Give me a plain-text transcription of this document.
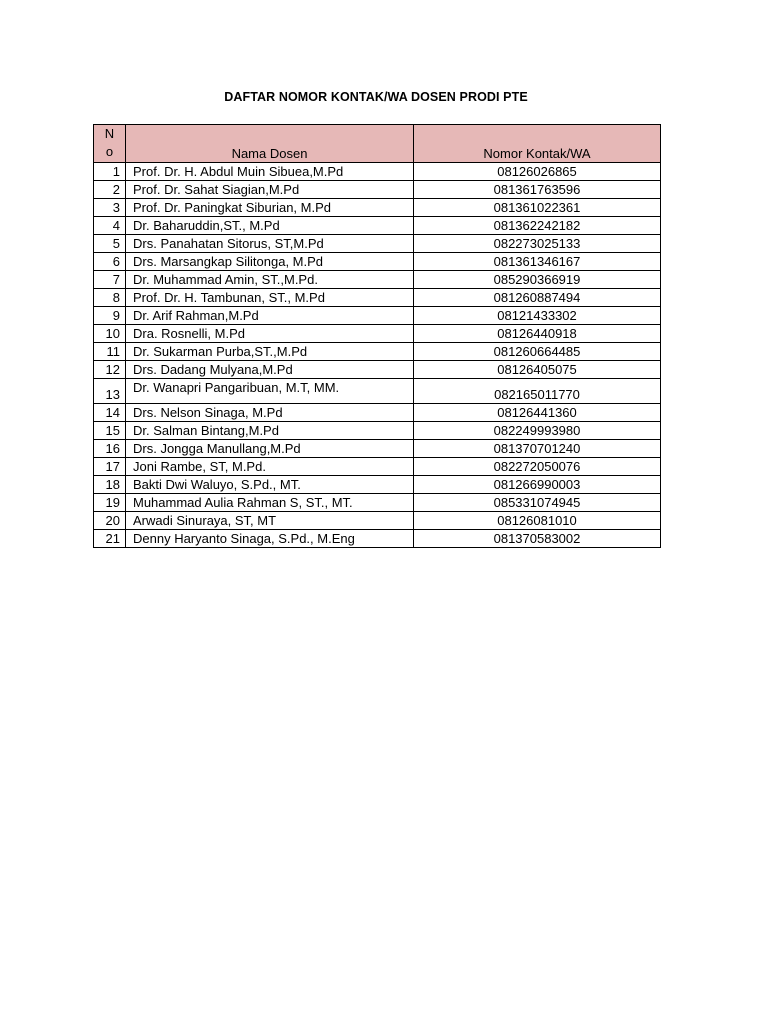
DAFTAR NOMOR KONTAK/WA DOSEN PRODI PTE
N
o	Nama Dosen	Nomor Kontak/WA
1	Prof. Dr. H. Abdul Muin Sibuea,M.Pd	08126026865
2	Prof. Dr. Sahat Siagian,M.Pd	081361763596
3	Prof. Dr. Paningkat Siburian, M.Pd	081361022361
4	Dr. Baharuddin,ST., M.Pd	081362242182
5	Drs. Panahatan Sitorus, ST,M.Pd	082273025133
6	Drs. Marsangkap Silitonga, M.Pd	081361346167
7	Dr. Muhammad Amin, ST.,M.Pd.	085290366919
8	Prof. Dr. H. Tambunan, ST., M.Pd	081260887494
9	Dr. Arif Rahman,M.Pd	08121433302
10	Dra. Rosnelli, M.Pd	08126440918
11	Dr. Sukarman Purba,ST.,M.Pd	081260664485
12	Drs. Dadang Mulyana,M.Pd	08126405075
13	Dr. Wanapri Pangaribuan, M.T, MM.	082165011770
14	Drs. Nelson Sinaga, M.Pd	08126441360
15	Dr. Salman Bintang,M.Pd	082249993980
16	Drs. Jongga Manullang,M.Pd	081370701240
17	Joni Rambe, ST, M.Pd.	082272050076
18	Bakti Dwi Waluyo, S.Pd., MT.	081266990003
19	Muhammad Aulia Rahman S, ST., MT.	085331074945
20	Arwadi Sinuraya, ST, MT	08126081010
21	Denny Haryanto Sinaga, S.Pd., M.Eng	081370583002
